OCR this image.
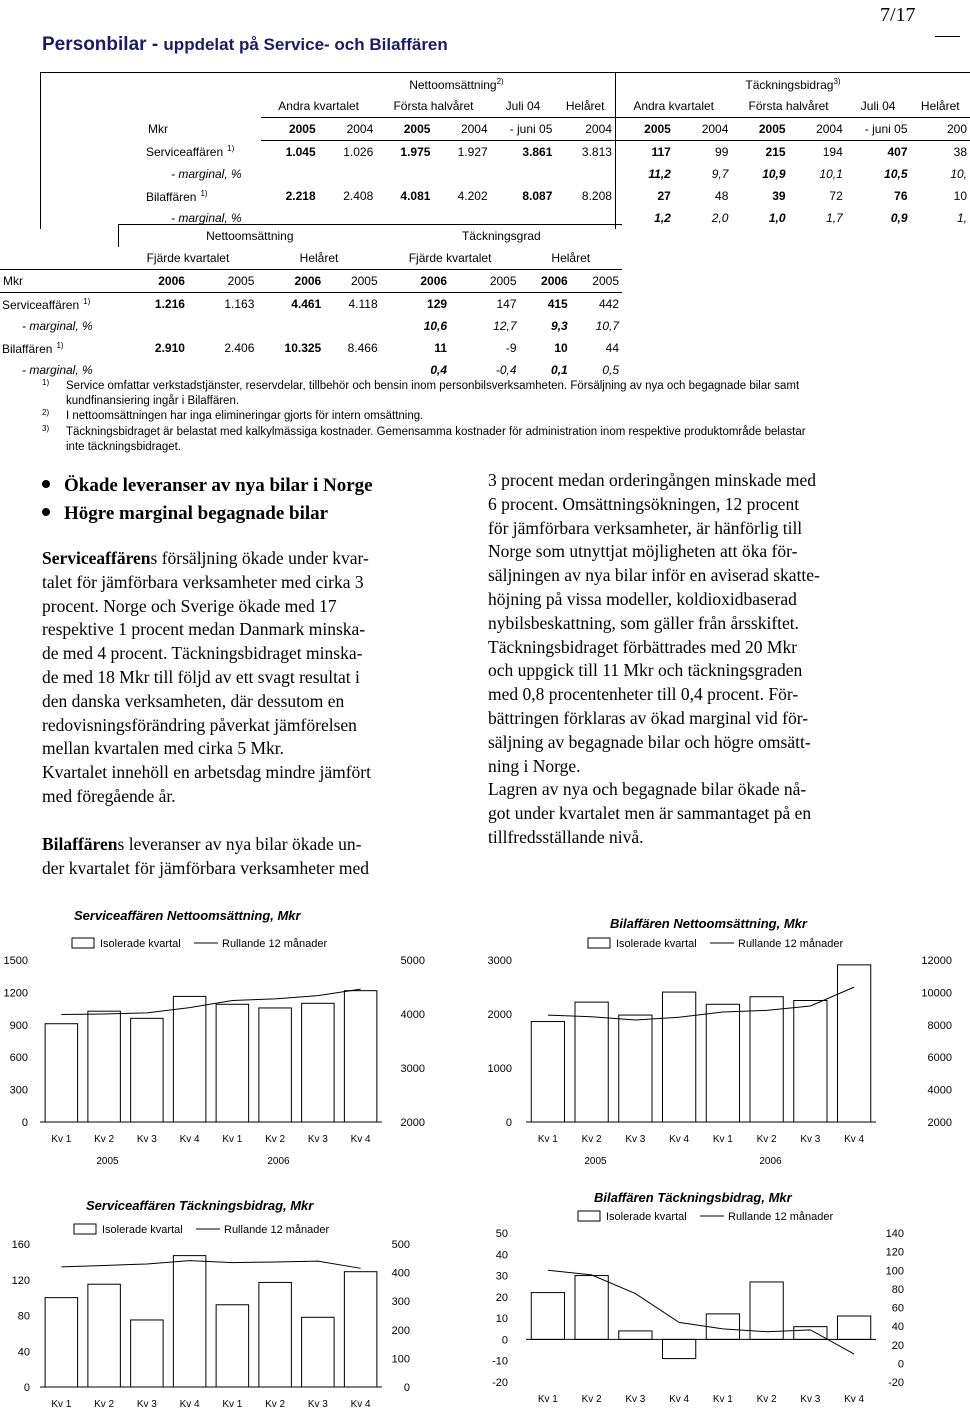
7/17
Personbilar - uppdelat på Service- och Bilaffären
		Nettoomsättning$^{2)}$						Täckningsbidrag$^{3)}$
		Andra kvartalet		Första halvåret		Juli 04	Helåret	Andra kvartalet		Första halvåret		Juli 04	Helåret
	Mkr	2005	2004	2005	2004	- juni 05	2004	2005	2004	2005	2004	- juni 05	200
Serviceaffären $^{1)}$		1.045	1.026	1.975	1.927	3.861	3.813	117	99	215	194	407	38
- marginal, %								11,2	9,7	10,9	10,1	10,5	10,
Bilaffären $^{1)}$		2.218	2.408	4.081	4.202	8.087	8.208	27	48	39	72	76	10
- marginal, %								1,2	2,0	1,0	1,7	0,9	1,
	Nettoomsättning				Täckningsgrad			
	Fjärde kvartalet		Helåret		Fjärde kvartalet		Helåret	
Mkr	2006	2005	2006	2005	2006	2005	2006	2005
Serviceaffären $^{1)}$	1.216	1.163	4.461	4.118	129	147	415	442
- marginal, %					10,6	12,7	9,3	10,7
Bilaffären $^{1)}$	2.910	2.406	10.325	8.466	11	-9	10	44
- marginal, %					0,4	-0,4	0,1	0,5
$^{1)}$	Service omfattar verkstadstjänster, reservdelar, tillbehör och bensin inom personbilsverksamheten. Försäljning av nya och begagnade bilar samt
kundfinansiering ingår i Bilaffären.
$^{2)}$	I nettoomsättningen har inga elimineringar gjorts för intern omsättning.
$^{3)}$	Täckningsbidraget är belastat med kalkylmässiga kostnader. Gemensamma kostnader för administration inom respektive produktområde belastar
inte täckningsbidraget.
Ökade leveranser av nya bilar i Norge
Högre marginal begagnade bilar
Serviceaffärens försäljning ökade under kvar-
talet för jämförbara verksamheter med cirka 3
procent. Norge och Sverige ökade med 17
respektive 1 procent medan Danmark minska-
de med 4 procent. Täckningsbidraget minska-
de med 18 Mkr till följd av ett svagt resultat i
den danska verksamheten, där dessutom en
redovisningsförändring påverkat jämförelsen
mellan kvartalen med cirka 5 Mkr.
Kvartalet innehöll en arbetsdag mindre jämfört
med föregående år.
Bilaffärens leveranser av nya bilar ökade un-
der kvartalet för jämförbara verksamheter med
3 procent medan orderingången minskade med
6 procent. Omsättningsökningen, 12 procent
för jämförbara verksamheter, är hänförlig till
Norge som utnyttjat möjligheten att öka för-
säljningen av nya bilar inför en aviserad skatte-
höjning på vissa modeller, koldioxidbaserad
nybilsbeskattning, som gäller från årsskiftet.
Täckningsbidraget förbättrades med 20 Mkr
och uppgick till 11 Mkr och täckningsgraden
med 0,8 procentenheter till 0,4 procent. För-
bättringen förklaras av ökad marginal vid för-
säljning av begagnade bilar och högre omsätt-
ning i Norge.
Lagren av nya och begagnade bilar ökade nå-
got under kvartalet men är sammantaget på en
tillfredsställande nivå.
Serviceaffären Nettoomsättning, Mkr
Isolerade kvartal	Rullande 12 månader
0
300
600
900
1200
1500
2000
3000
4000
5000
Kv 1 Kv 2 Kv 3 Kv 4 Kv 1 Kv 2 Kv 3 Kv 4
2005	2006
Bilaffären Nettoomsättning, Mkr
Isolerade kvartal	Rullande 12 månader
0
1000
2000
3000
2000
4000
6000
8000
10000
12000
Kv 1 Kv 2 Kv 3 Kv 4 Kv 1 Kv 2 Kv 3 Kv 4
2005	2006
Serviceaffären Täckningsbidrag, Mkr
Isolerade kvartal	Rullande 12 månader
0
40
80
120
160
0
100
200
300
400
500
Kv 1 Kv 2 Kv 3 Kv 4 Kv 1 Kv 2 Kv 3 Kv 4
Bilaffären Täckningsbidrag, Mkr
Isolerade kvartal	Rullande 12 månader
-20
-10
0
10
20
30
40
50
-20
0
20
40
60
80
100
120
140
Kv 1 Kv 2 Kv 3 Kv 4 Kv 1 Kv 2 Kv 3 Kv 4
